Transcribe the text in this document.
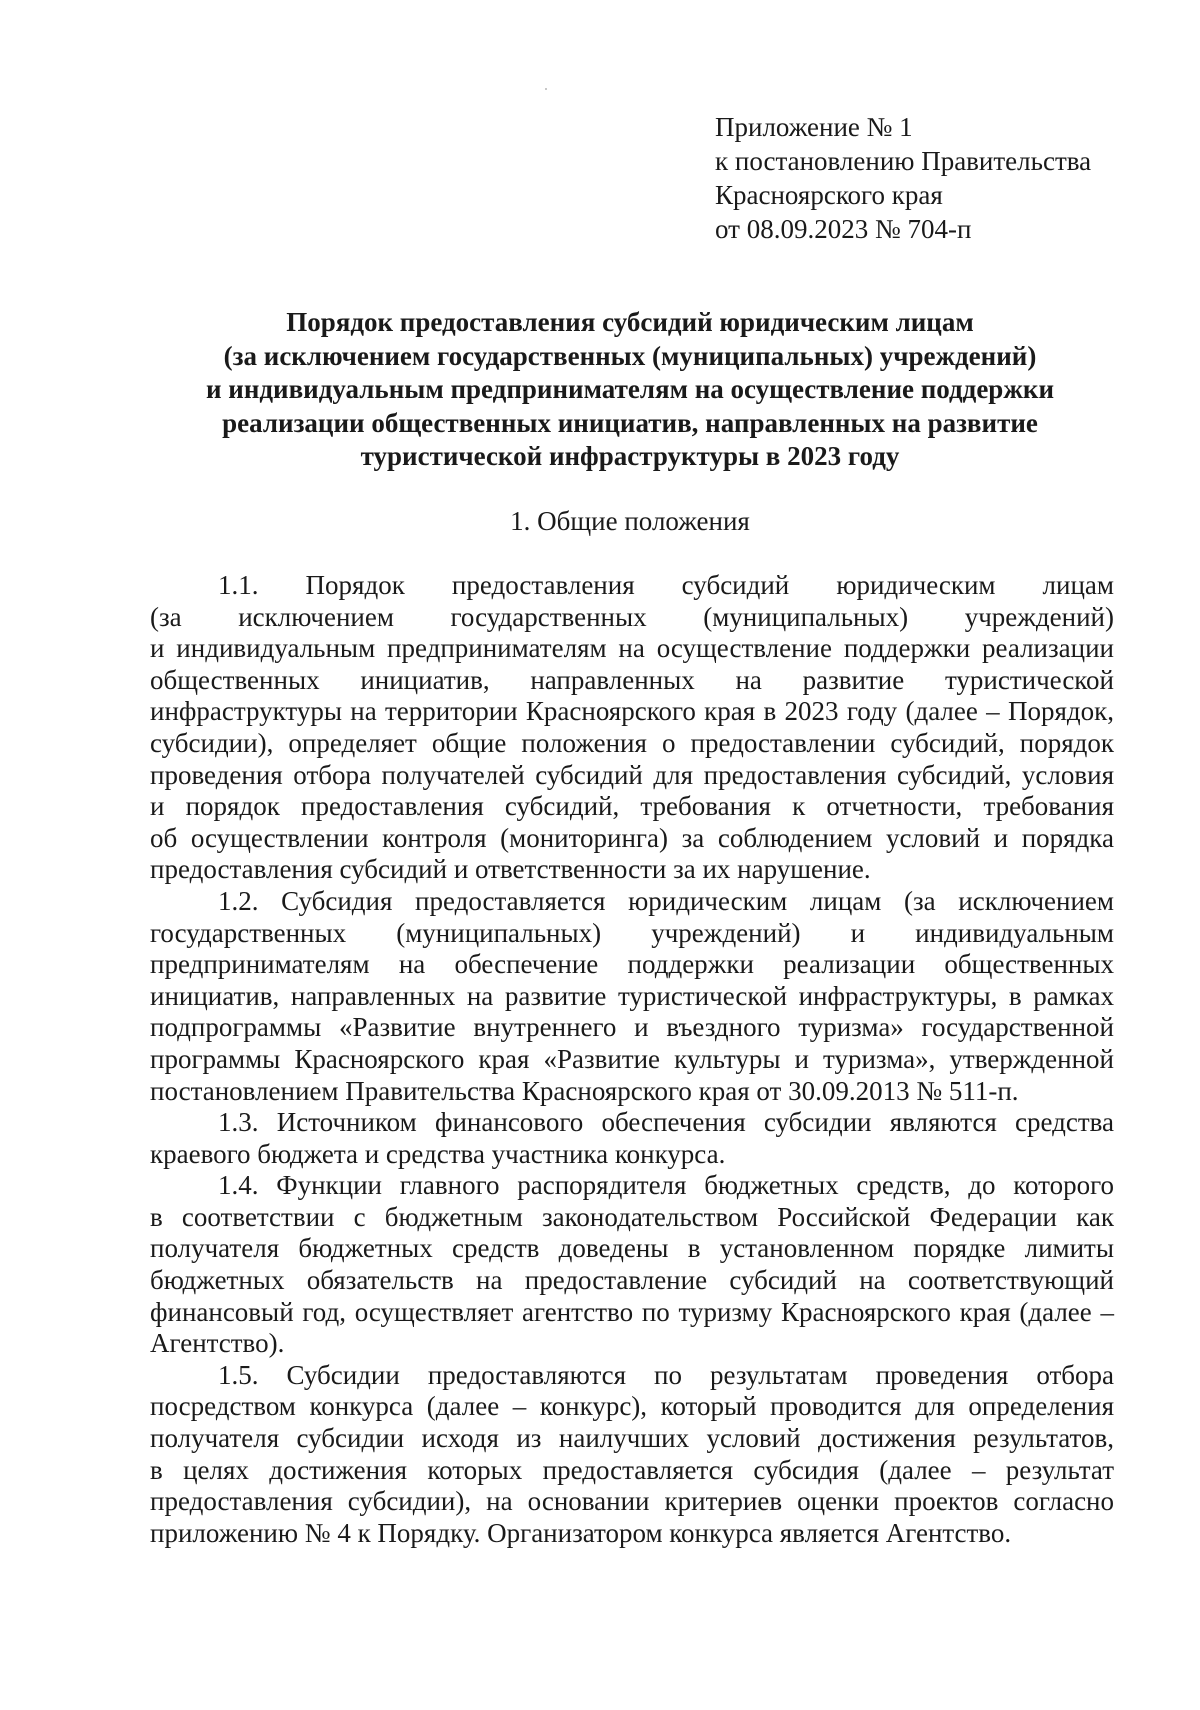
Приложение № 1
к постановлению Правительства
Красноярского края
от 08.09.2023 № 704-п
Порядок предоставления субсидий юридическим лицам
(за исключением государственных (муниципальных) учреждений)
и индивидуальным предпринимателям на осуществление поддержки
реализации общественных инициатив, направленных на развитие
туристической инфраструктуры в 2023 году
1. Общие положения
1.1. Порядок предоставления субсидий юридическим лицам
(за исключением государственных (муниципальных) учреждений)
и индивидуальным предпринимателям на осуществление поддержки реализации
общественных инициатив, направленных на развитие туристической
инфраструктуры на территории Красноярского края в 2023 году (далее – Порядок,
субсидии), определяет общие положения о предоставлении субсидий, порядок
проведения отбора получателей субсидий для предоставления субсидий, условия
и порядок предоставления субсидий, требования к отчетности, требования
об осуществлении контроля (мониторинга) за соблюдением условий и порядка
предоставления субсидий и ответственности за их нарушение.
1.2. Субсидия предоставляется юридическим лицам (за исключением
государственных (муниципальных) учреждений) и индивидуальным
предпринимателям на обеспечение поддержки реализации общественных
инициатив, направленных на развитие туристической инфраструктуры, в рамках
подпрограммы «Развитие внутреннего и въездного туризма» государственной
программы Красноярского края «Развитие культуры и туризма», утвержденной
постановлением Правительства Красноярского края от 30.09.2013 № 511-п.
1.3. Источником финансового обеспечения субсидии являются средства
краевого бюджета и средства участника конкурса.
1.4. Функции главного распорядителя бюджетных средств, до которого
в соответствии с бюджетным законодательством Российской Федерации как
получателя бюджетных средств доведены в установленном порядке лимиты
бюджетных обязательств на предоставление субсидий на соответствующий
финансовый год, осуществляет агентство по туризму Красноярского края (далее –
Агентство).
1.5. Субсидии предоставляются по результатам проведения отбора
посредством конкурса (далее – конкурс), который проводится для определения
получателя субсидии исходя из наилучших условий достижения результатов,
в целях достижения которых предоставляется субсидия (далее – результат
предоставления субсидии), на основании критериев оценки проектов согласно
приложению № 4 к Порядку. Организатором конкурса является Агентство.
